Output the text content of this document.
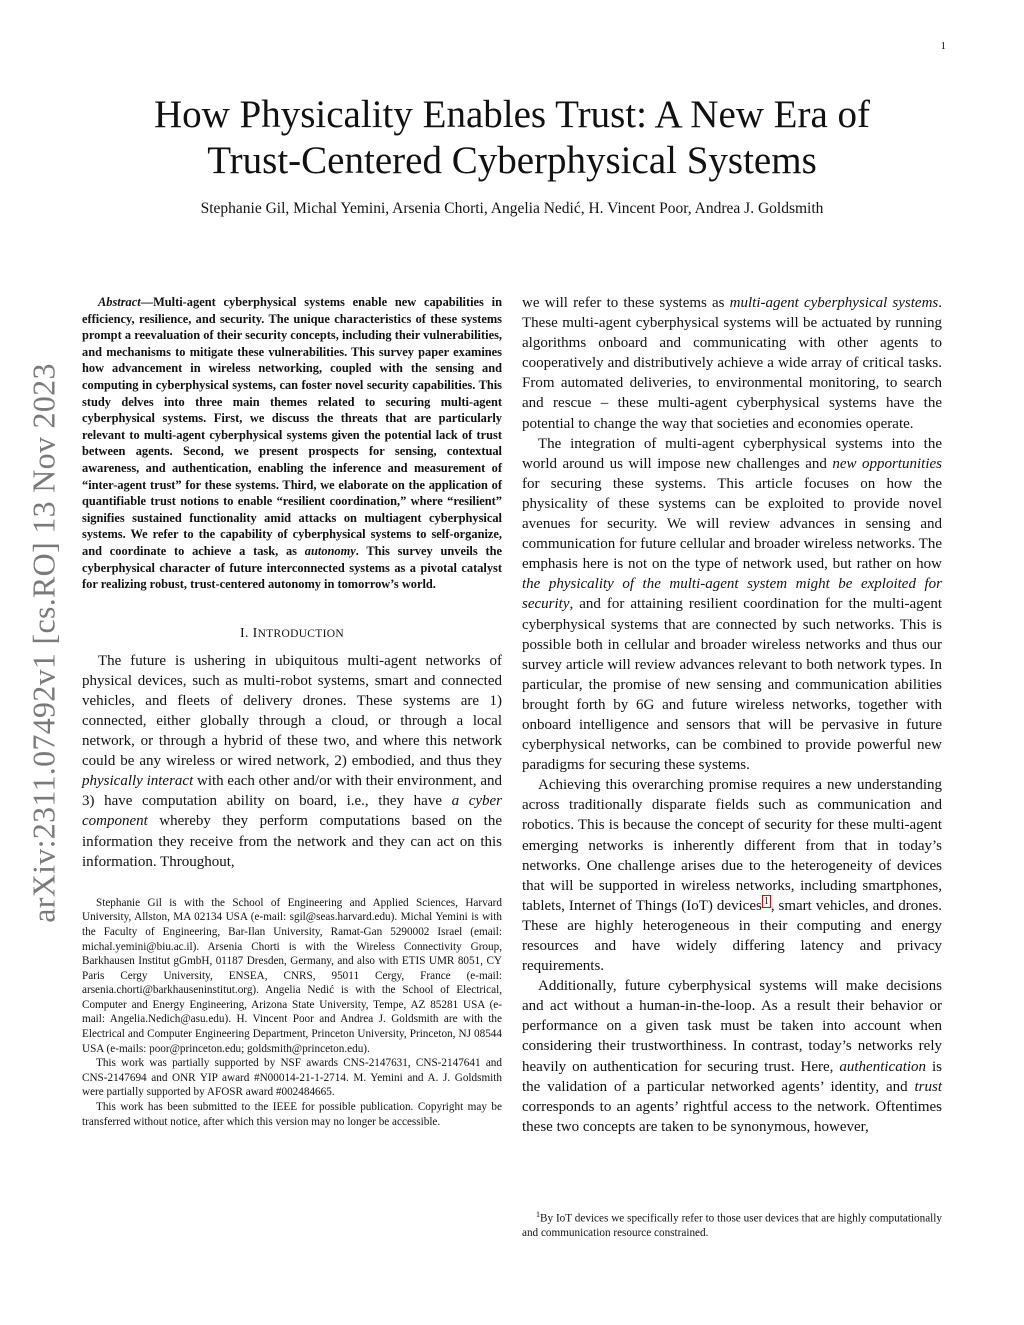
1
arXiv:2311.07492v1 [cs.RO] 13 Nov 2023
How Physicality Enables Trust: A New Era of
Trust-Centered Cyberphysical Systems
Stephanie Gil, Michal Yemini, Arsenia Chorti, Angelia Nedić, H. Vincent Poor, Andrea J. Goldsmith

Abstract—Multi-agent cyberphysical systems enable new capabilities in efficiency, resilience, and security. The unique characteristics of these systems prompt a reevaluation of their security concepts, including their vulnerabilities, and mechanisms to mitigate these vulnerabilities. This survey paper examines how advancement in wireless networking, coupled with the sensing and computing in cyberphysical systems, can foster novel security capabilities. This study delves into three main themes related to securing multi-agent cyberphysical systems. First, we discuss the threats that are particularly relevant to multi-agent cyberphysical systems given the potential lack of trust between agents. Second, we present prospects for sensing, contextual awareness, and authentication, enabling the inference and measurement of “inter-agent trust” for these systems. Third, we elaborate on the application of quantifiable trust notions to enable “resilient coordination,” where “resilient” signifies sustained functionality amid attacks on multiagent cyberphysical systems. We refer to the capability of cyberphysical systems to self-organize, and coordinate to achieve a task, as autonomy. This survey unveils the cyberphysical character of future interconnected systems as a pivotal catalyst for realizing robust, trust-centered autonomy in tomorrow’s world.

I. INTRODUCTION

The future is ushering in ubiquitous multi-agent networks of physical devices, such as multi-robot systems, smart and connected vehicles, and fleets of delivery drones. These systems are 1) connected, either globally through a cloud, or through a local network, or through a hybrid of these two, and where this network could be any wireless or wired network, 2) embodied, and thus they physically interact with each other and/or with their environment, and 3) have computation ability on board, i.e., they have a cyber component whereby they perform computations based on the information they receive from the network and they can act on this information. Throughout,

Stephanie Gil is with the School of Engineering and Applied Sciences, Harvard University, Allston, MA 02134 USA (e-mail: sgil@seas.harvard.edu). Michal Yemini is with the Faculty of Engineering, Bar-Ilan University, Ramat-Gan 5290002 Israel (email: michal.yemini@biu.ac.il). Arsenia Chorti is with the Wireless Connectivity Group, Barkhausen Institut gGmbH, 01187 Dresden, Germany, and also with ETIS UMR 8051, CY Paris Cergy University, ENSEA, CNRS, 95011 Cergy, France (e-mail: arsenia.chorti@barkhauseninstitut.org). Angelia Nedić is with the School of Electrical, Computer and Energy Engineering, Arizona State University, Tempe, AZ 85281 USA (e-mail: Angelia.Nedich@asu.edu). H. Vincent Poor and Andrea J. Goldsmith are with the Electrical and Computer Engineering Department, Princeton University, Princeton, NJ 08544 USA (e-mails: poor@princeton.edu; goldsmith@princeton.edu).

This work was partially supported by NSF awards CNS-2147631, CNS-2147641 and CNS-2147694 and ONR YIP award #N00014-21-1-2714. M. Yemini and A. J. Goldsmith were partially supported by AFOSR award #002484665.

This work has been submitted to the IEEE for possible publication. Copyright may be transferred without notice, after which this version may no longer be accessible.

we will refer to these systems as multi-agent cyberphysical systems. These multi-agent cyberphysical systems will be actuated by running algorithms onboard and communicating with other agents to cooperatively and distributively achieve a wide array of critical tasks. From automated deliveries, to environmental monitoring, to search and rescue – these multi-agent cyberphysical systems have the potential to change the way that societies and economies operate.

The integration of multi-agent cyberphysical systems into the world around us will impose new challenges and new opportunities for securing these systems. This article focuses on how the physicality of these systems can be exploited to provide novel avenues for security. We will review advances in sensing and communication for future cellular and broader wireless networks. The emphasis here is not on the type of network used, but rather on how the physicality of the multi-agent system might be exploited for security, and for attaining resilient coordination for the multi-agent cyberphysical systems that are connected by such networks. This is possible both in cellular and broader wireless networks and thus our survey article will review advances relevant to both network types. In particular, the promise of new sensing and communication abilities brought forth by 6G and future wireless networks, together with onboard intelligence and sensors that will be pervasive in future cyberphysical networks, can be combined to provide powerful new paradigms for securing these systems.

Achieving this overarching promise requires a new understanding across traditionally disparate fields such as communication and robotics. This is because the concept of security for these multi-agent emerging networks is inherently different from that in today’s networks. One challenge arises due to the heterogeneity of devices that will be supported in wireless networks, including smartphones, tablets, Internet of Things (IoT) devices $^1$ , smart vehicles, and drones. These are highly heterogeneous in their computing and energy resources and have widely differing latency and privacy requirements.

Additionally, future cyberphysical systems will make decisions and act without a human-in-the-loop. As a result their behavior or performance on a given task must be taken into account when considering their trustworthiness. In contrast, today’s networks rely heavily on authentication for securing trust. Here, authentication is the validation of a particular networked agents’ identity, and trust corresponds to an agents’ rightful access to the network. Oftentimes these two concepts are taken to be synonymous, however,

$^1$By IoT devices we specifically refer to those user devices that are highly computationally and communication resource constrained.
